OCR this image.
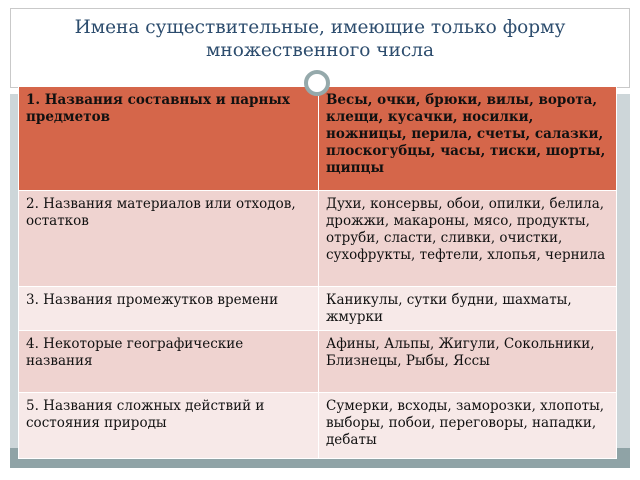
Имена существительные, имеющие только форму множественного числа
1. Названия составных и парных предметов	Весы, очки, брюки, вилы, ворота, клещи, кусачки, носилки, ножницы, перила, счеты, салазки, плоскогубцы, часы, тиски, шорты, щипцы
2. Названия материалов или отходов, остатков	Духи, консервы, обои, опилки, белила, дрожжи, макароны, мясо, продукты, отруби, сласти, сливки, очистки, сухофрукты, тефтели, хлопья, чернила
3. Названия промежутков времени	Каникулы, сутки будни, шахматы, жмурки
4. Некоторые географические названия	Афины, Альпы, Жигули, Сокольники, Близнецы, Рыбы, Яссы
5. Названия сложных действий и состояния природы	Сумерки, всходы, заморозки, хлопоты, выборы, побои, переговоры, нападки, дебаты
